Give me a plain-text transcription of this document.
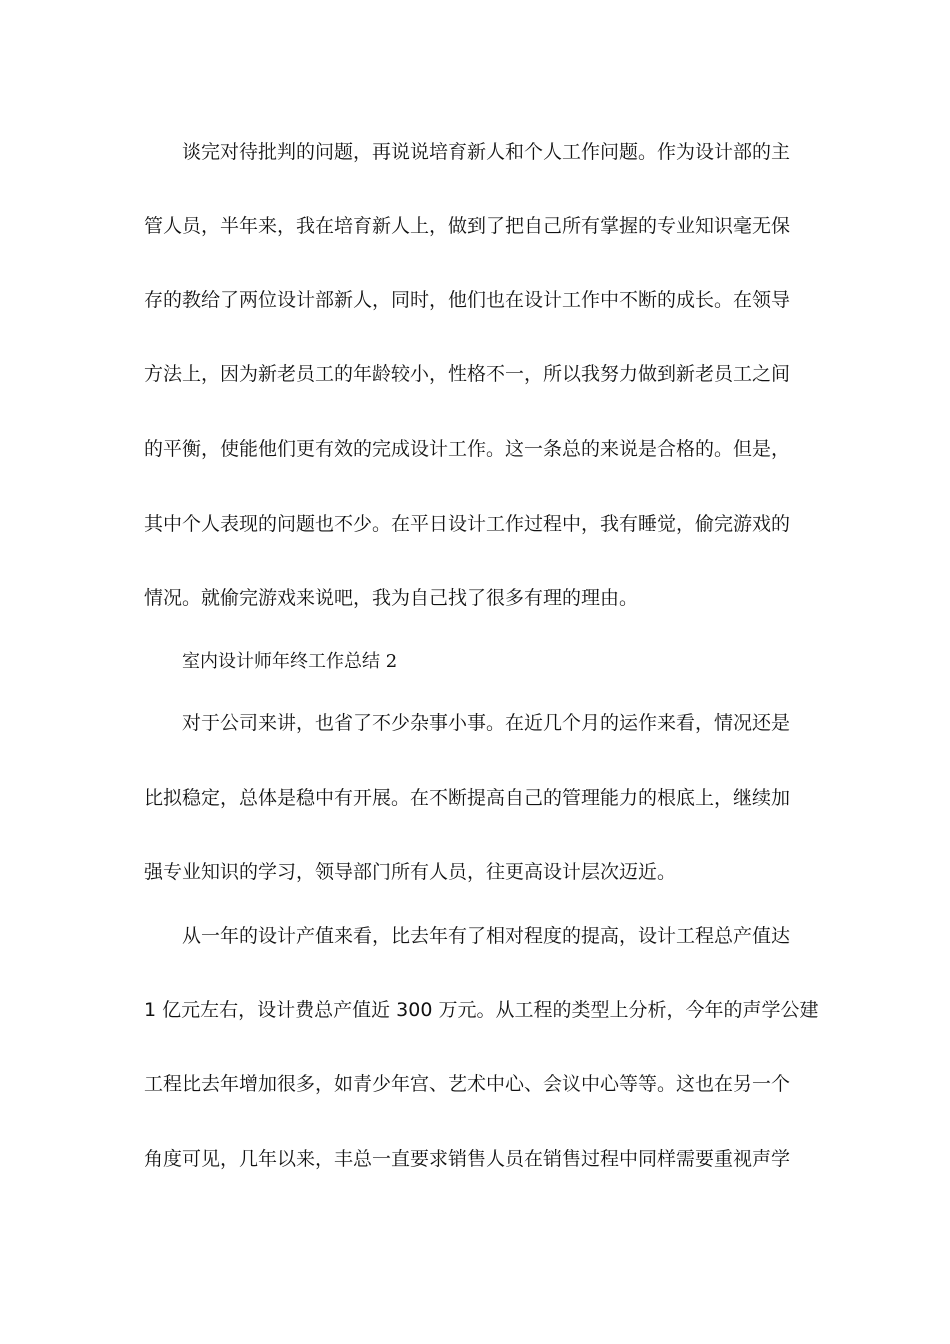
谈完对待批判的问题，再说说培育新人和个人工作问题。作为设计部的主
管人员，半年来，我在培育新人上，做到了把自己所有掌握的专业知识毫无保
存的教给了两位设计部新人，同时，他们也在设计工作中不断的成长。在领导
方法上，因为新老员工的年龄较小，性格不一，所以我努力做到新老员工之间
的平衡，使能他们更有效的完成设计工作。这一条总的来说是合格的。但是，
其中个人表现的问题也不少。在平日设计工作过程中，我有睡觉，偷完游戏的
情况。就偷完游戏来说吧，我为自己找了很多有理的理由。
室内设计师年终工作总结 2
对于公司来讲，也省了不少杂事小事。在近几个月的运作来看，情况还是
比拟稳定，总体是稳中有开展。在不断提高自己的管理能力的根底上，继续加
强专业知识的学习，领导部门所有人员，往更高设计层次迈近。
从一年的设计产值来看，比去年有了相对程度的提高，设计工程总产值达
1 亿元左右，设计费总产值近 300 万元。从工程的类型上分析，今年的声学公建
工程比去年增加很多，如青少年宫、艺术中心、会议中心等等。这也在另一个
角度可见，几年以来，丰总一直要求销售人员在销售过程中同样需要重视声学
